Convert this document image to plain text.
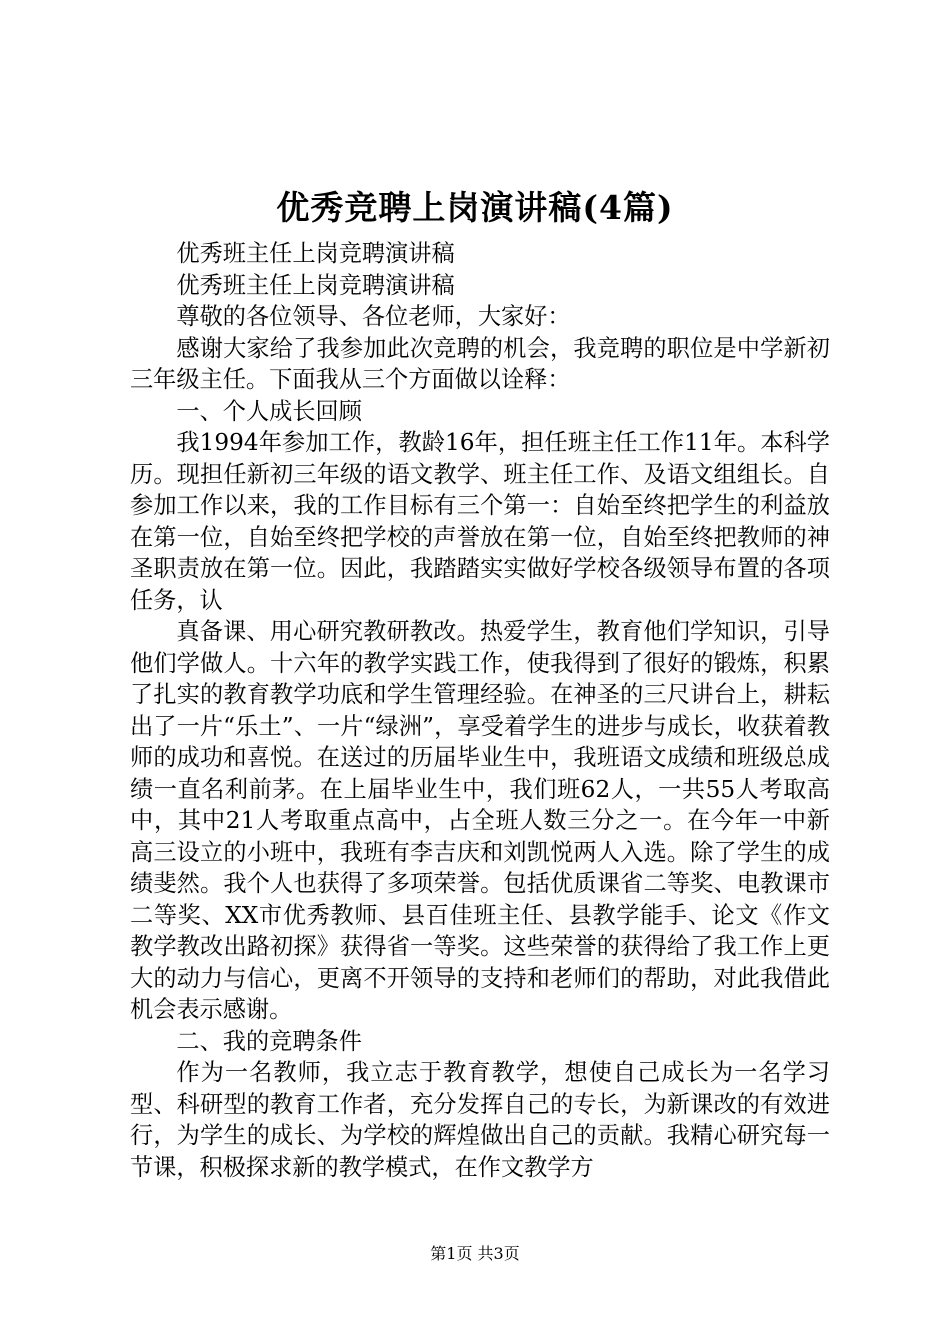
优秀竞聘上岗演讲稿(4篇)

优秀班主任上岗竞聘演讲稿

优秀班主任上岗竞聘演讲稿

尊敬的各位领导、各位老师，大家好：

感谢大家给了我参加此次竞聘的机会，我竞聘的职位是中学新初三年级主任。下面我从三个方面做以诠释：

一、个人成长回顾

我1994年参加工作，教龄16年，担任班主任工作11年。本科学历。现担任新初三年级的语文教学、班主任工作、及语文组组长。自参加工作以来，我的工作目标有三个第一：自始至终把学生的利益放在第一位，自始至终把学校的声誉放在第一位，自始至终把教师的神圣职责放在第一位。因此，我踏踏实实做好学校各级领导布置的各项任务，认

真备课、用心研究教研教改。热爱学生，教育他们学知识，引导他们学做人。十六年的教学实践工作，使我得到了很好的锻炼，积累了扎实的教育教学功底和学生管理经验。在神圣的三尺讲台上，耕耘出了一片“乐土”、一片“绿洲”，享受着学生的进步与成长，收获着教师的成功和喜悦。在送过的历届毕业生中，我班语文成绩和班级总成绩一直名利前茅。在上届毕业生中，我们班62人，一共55人考取高中，其中21人考取重点高中，占全班人数三分之一。在今年一中新高三设立的小班中，我班有李吉庆和刘凯悦两人入选。除了学生的成绩斐然。我个人也获得了多项荣誉。包括优质课省二等奖、电教课市二等奖、XX市优秀教师、县百佳班主任、县教学能手、论文《作文教学教改出路初探》获得省一等奖。这些荣誉的获得给了我工作上更大的动力与信心，更离不开领导的支持和老师们的帮助，对此我借此机会表示感谢。

二、我的竞聘条件

作为一名教师，我立志于教育教学，想使自己成长为一名学习型、科研型的教育工作者，充分发挥自己的专长，为新课改的有效进行，为学生的成长、为学校的辉煌做出自己的贡献。我精心研究每一节课，积极探求新的教学模式，在作文教学方

第1页 共3页
